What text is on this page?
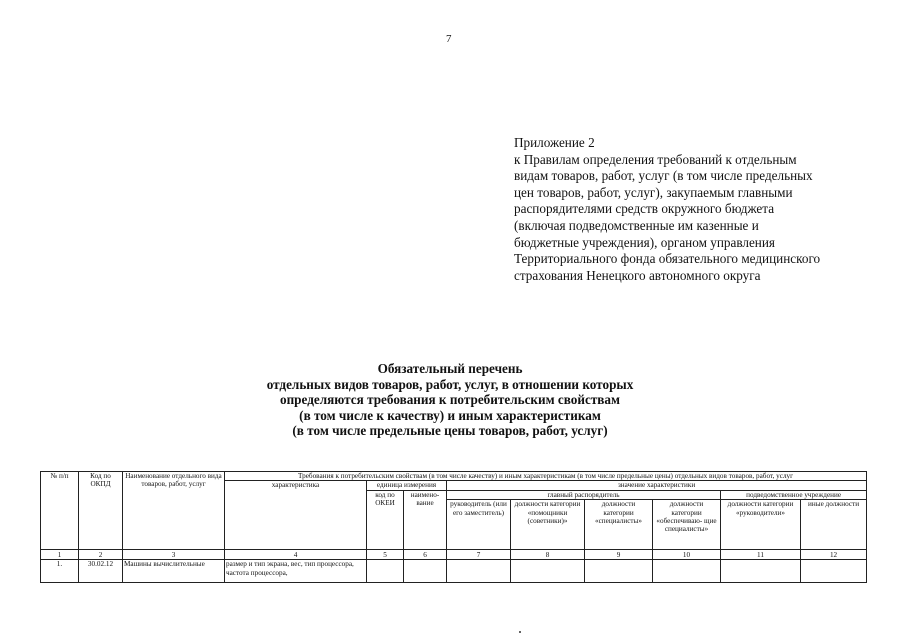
7
Приложение 2
к Правилам определения требований к отдельным
видам товаров, работ, услуг (в том числе предельных
цен товаров, работ, услуг), закупаемым главными
распорядителями средств окружного бюджета
(включая подведомственные им казенные и
бюджетные учреждения), органом управления
Территориального фонда обязательного медицинского
страхования Ненецкого автономного округа
Обязательный перечень
отдельных видов товаров, работ, услуг, в отношении которых
определяются требования к потребительским свойствам
(в том числе к качеству) и иным характеристикам
(в том числе предельные цены товаров, работ, услуг)
№ п/п	Код по ОКПД	Наименование отдельного вида товаров, работ, услуг	Требования к потребительским свойствам (в том числе качеству) и иным характеристикам (в том числе предельные цены) отдельных видов товаров, работ, услуг								
			характеристика	единица измерения		значение характеристики					
				код по ОКЕИ	наимено- вание	главный распорядитель				подведомственное учреждение	
						руководитель (или его заместитель)	должности категории «помощники (советники)»	должности категории «специалисты»	должности категории «обеспечиваю- щие специалисты»	должности категории «руководители»	иные должности
1	2	3	4	5	6	7	8	9	10	11	12
1.	30.02.12	Машины вычислительные	размер и тип экрана, вес, тип процессора, частота процессора,								
